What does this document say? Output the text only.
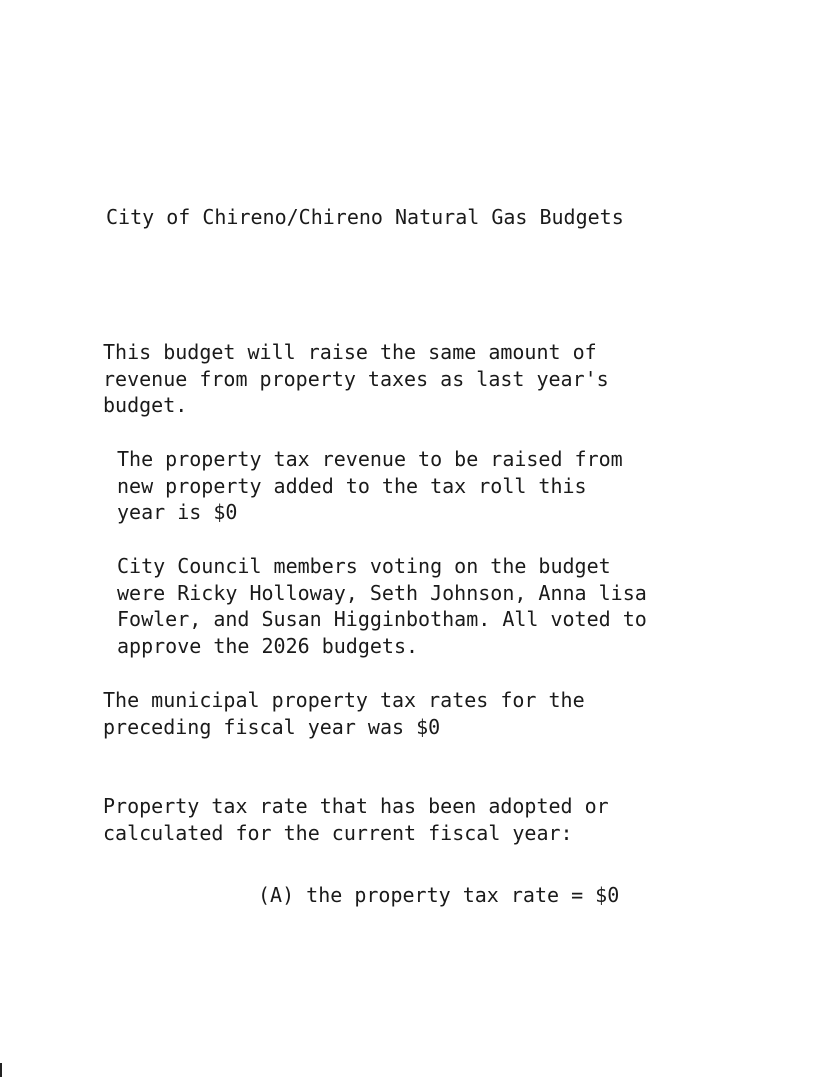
City of Chireno/Chireno Natural Gas Budgets

This budget will raise the same amount of
revenue from property taxes as last year's
budget.

The property tax revenue to be raised from
new property added to the tax roll this
year is $0

City Council members voting on the budget
were Ricky Holloway, Seth Johnson, Anna lisa
Fowler, and Susan Higginbotham. All voted to
approve the 2026 budgets.

The municipal property tax rates for the
preceding fiscal year was $0

Property tax rate that has been adopted or
calculated for the current fiscal year:

(A) the property tax rate = $0
